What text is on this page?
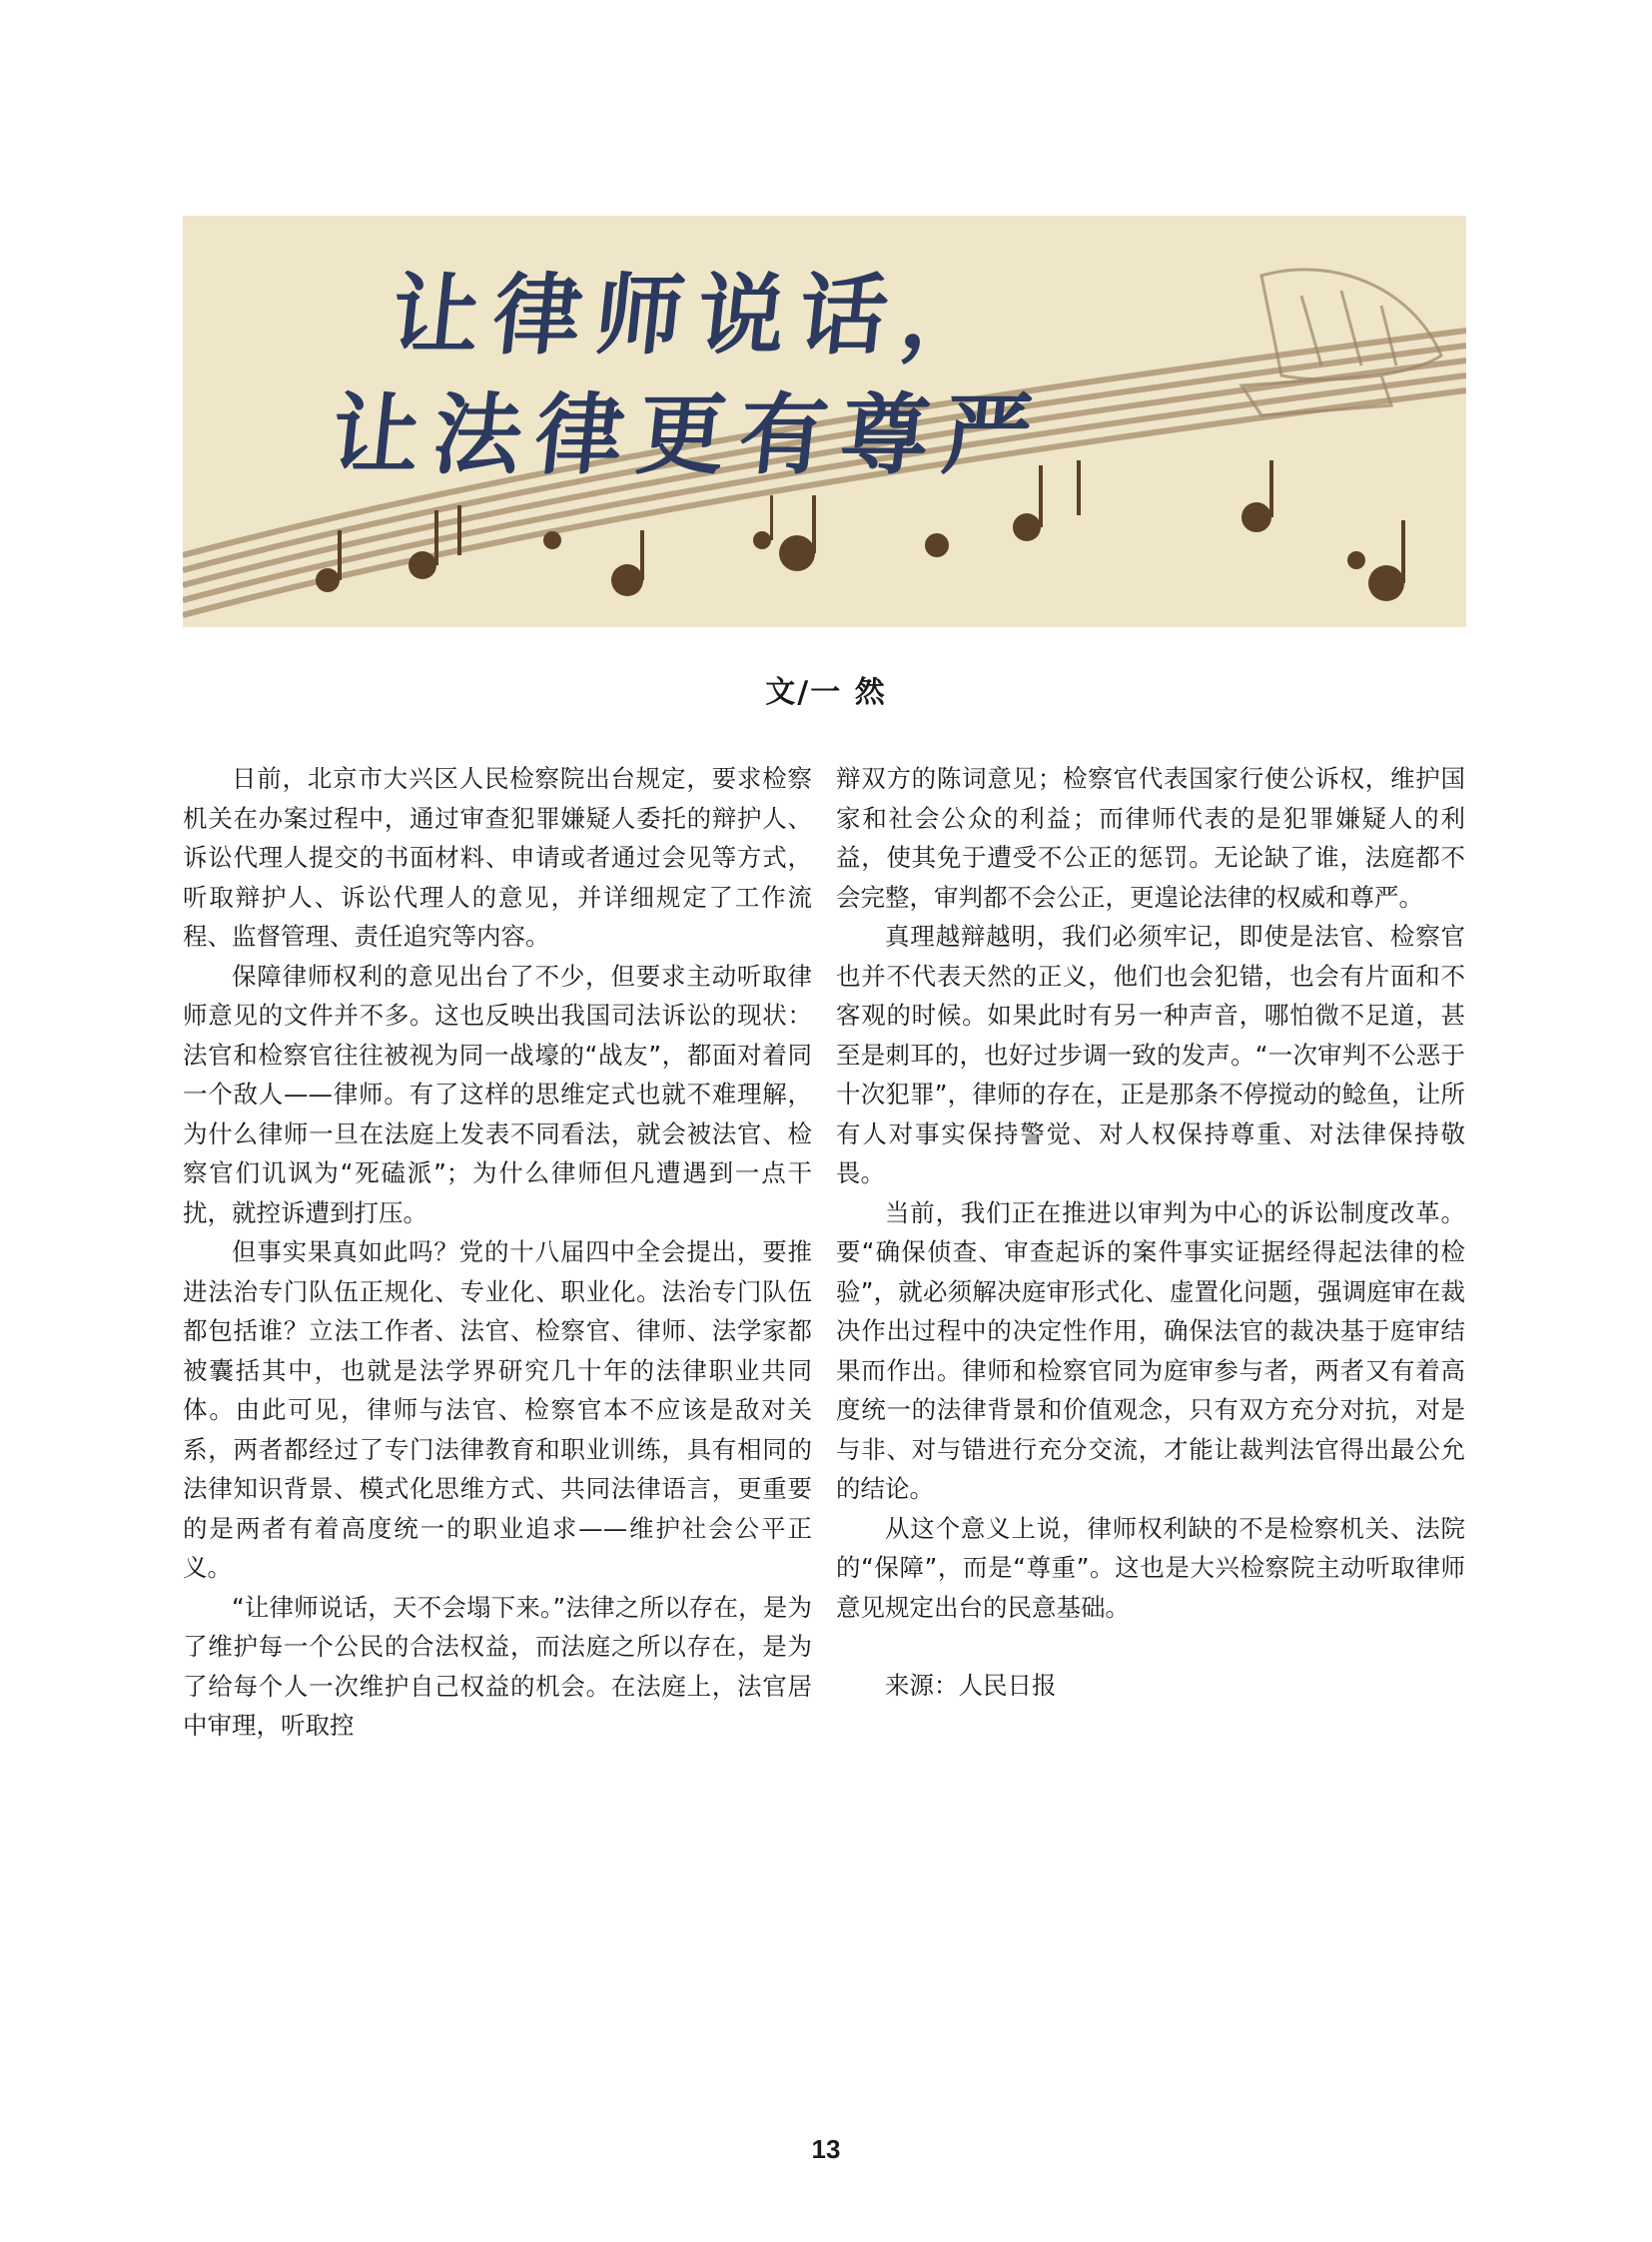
让律师说话，
让法律更有尊严
文/一 然

日前，北京市大兴区人民检察院出台规定，要求检察机关在办案过程中，通过审查犯罪嫌疑人委托的辩护人、诉讼代理人提交的书面材料、申请或者通过会见等方式，听取辩护人、诉讼代理人的意见，并详细规定了工作流程、监督管理、责任追究等内容。

保障律师权利的意见出台了不少，但要求主动听取律师意见的文件并不多。这也反映出我国司法诉讼的现状：法官和检察官往往被视为同一战壕的“战友”，都面对着同一个敌人——律师。有了这样的思维定式也就不难理解，为什么律师一旦在法庭上发表不同看法，就会被法官、检察官们讥讽为“死磕派”；为什么律师但凡遭遇到一点干扰，就控诉遭到打压。

但事实果真如此吗？党的十八届四中全会提出，要推进法治专门队伍正规化、专业化、职业化。法治专门队伍都包括谁？立法工作者、法官、检察官、律师、法学家都被囊括其中，也就是法学界研究几十年的法律职业共同体。由此可见，律师与法官、检察官本不应该是敌对关系，两者都经过了专门法律教育和职业训练，具有相同的法律知识背景、模式化思维方式、共同法律语言，更重要的是两者有着高度统一的职业追求——维护社会公平正义。

“让律师说话，天不会塌下来。”法律之所以存在，是为了维护每一个公民的合法权益，而法庭之所以存在，是为了给每个人一次维护自己权益的机会。在法庭上，法官居中审理，听取控

辩双方的陈词意见；检察官代表国家行使公诉权，维护国家和社会公众的利益；而律师代表的是犯罪嫌疑人的利益，使其免于遭受不公正的惩罚。无论缺了谁，法庭都不会完整，审判都不会公正，更遑论法律的权威和尊严。

真理越辩越明，我们必须牢记，即使是法官、检察官也并不代表天然的正义，他们也会犯错，也会有片面和不客观的时候。如果此时有另一种声音，哪怕微不足道，甚至是刺耳的，也好过步调一致的发声。“一次审判不公恶于十次犯罪”，律师的存在，正是那条不停搅动的鲶鱼，让所有人对事实保持警觉、对人权保持尊重、对法律保持敬畏。

当前，我们正在推进以审判为中心的诉讼制度改革。要“确保侦查、审查起诉的案件事实证据经得起法律的检验”，就必须解决庭审形式化、虚置化问题，强调庭审在裁决作出过程中的决定性作用，确保法官的裁决基于庭审结果而作出。律师和检察官同为庭审参与者，两者又有着高度统一的法律背景和价值观念，只有双方充分对抗，对是与非、对与错进行充分交流，才能让裁判法官得出最公允的结论。

从这个意义上说，律师权利缺的不是检察机关、法院的“保障”，而是“尊重”。这也是大兴检察院主动听取律师意见规定出台的民意基础。

来源：人民日报

13
